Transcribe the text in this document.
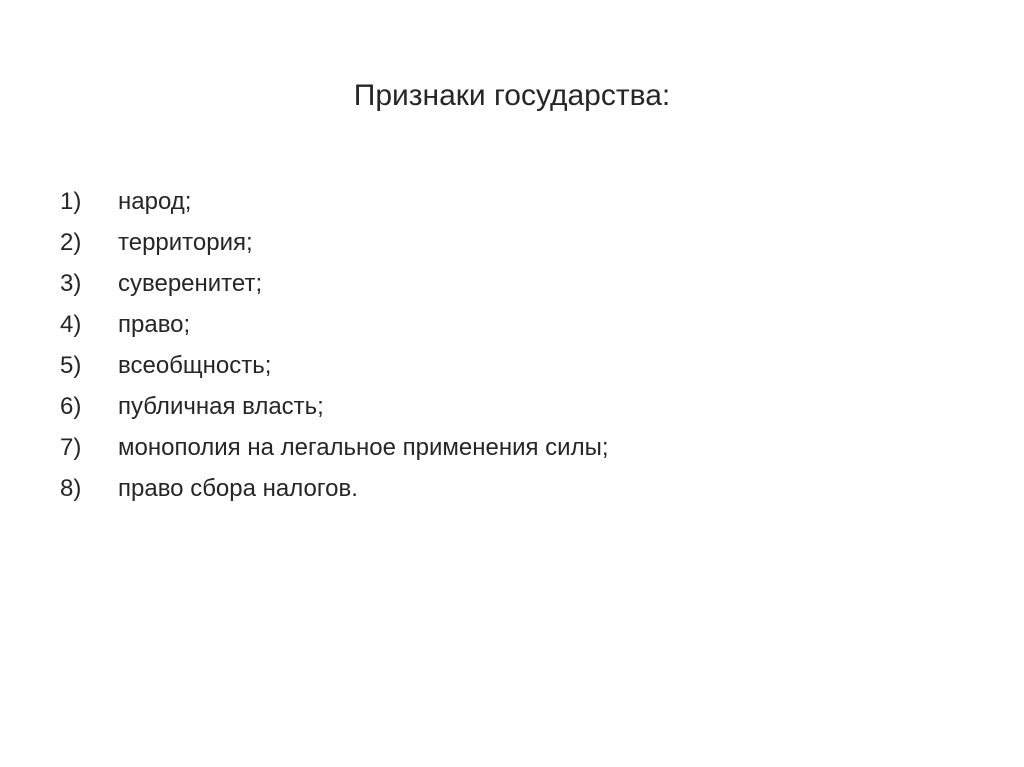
Признаки государства:
1)	народ;
2)	территория;
3)	суверенитет;
4)	право;
5)	всеобщность;
6)	публичная власть;
7)	монополия на легальное применения силы;
8)	право сбора налогов.
